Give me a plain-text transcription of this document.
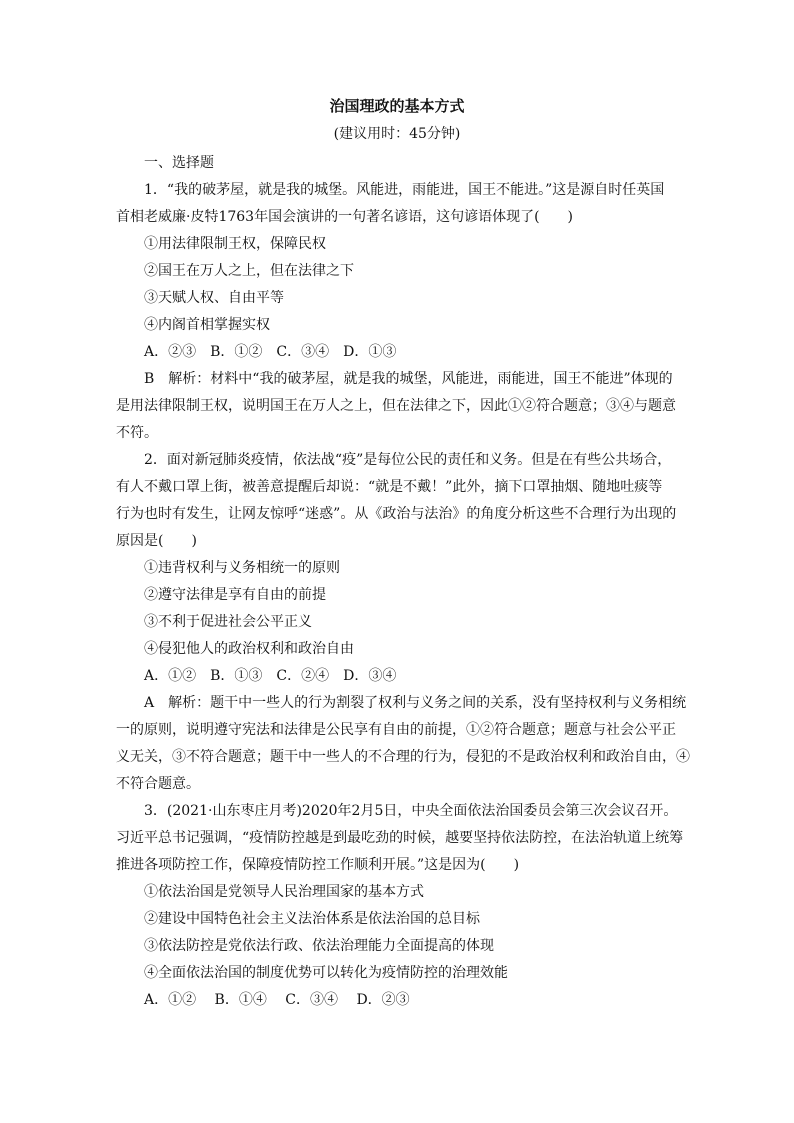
治国理政的基本方式
(建议用时：45分钟)
一、选择题
1．“我的破茅屋，就是我的城堡。风能进，雨能进，国王不能进。”这是源自时任英国
首相老威廉·皮特1763年国会演讲的一句著名谚语，这句谚语体现了(　　)
①用法律限制王权，保障民权
②国王在万人之上，但在法律之下
③天赋人权、自由平等
④内阁首相掌握实权
A．②③　B．①②　C．③④　D．①③
B　解析：材料中“我的破茅屋，就是我的城堡，风能进，雨能进，国王不能进”体现的
是用法律限制王权，说明国王在万人之上，但在法律之下，因此①②符合题意；③④与题意
不符。
2．面对新冠肺炎疫情，依法战“疫”是每位公民的责任和义务。但是在有些公共场合，
有人不戴口罩上街，被善意提醒后却说：“就是不戴！”此外，摘下口罩抽烟、随地吐痰等
行为也时有发生，让网友惊呼“迷惑”。从《政治与法治》的角度分析这些不合理行为出现的
原因是(　　)
①违背权利与义务相统一的原则
②遵守法律是享有自由的前提
③不利于促进社会公平正义
④侵犯他人的政治权利和政治自由
A．①②　B．①③　C．②④　D．③④
A　解析：题干中一些人的行为割裂了权利与义务之间的关系，没有坚持权利与义务相统
一的原则，说明遵守宪法和法律是公民享有自由的前提，①②符合题意；题意与社会公平正
义无关，③不符合题意；题干中一些人的不合理的行为，侵犯的不是政治权利和政治自由，④
不符合题意。
3．(2021·山东枣庄月考)2020年2月5日，中央全面依法治国委员会第三次会议召开。
习近平总书记强调，“疫情防控越是到最吃劲的时候，越要坚持依法防控，在法治轨道上统筹
推进各项防控工作，保障疫情防控工作顺利开展。”这是因为(　　)
①依法治国是党领导人民治理国家的基本方式
②建设中国特色社会主义法治体系是依法治国的总目标
③依法防控是党依法行政、依法治理能力全面提高的体现
④全面依法治国的制度优势可以转化为疫情防控的治理效能
A．①②　 B．①④　 C．③④　 D．②③
